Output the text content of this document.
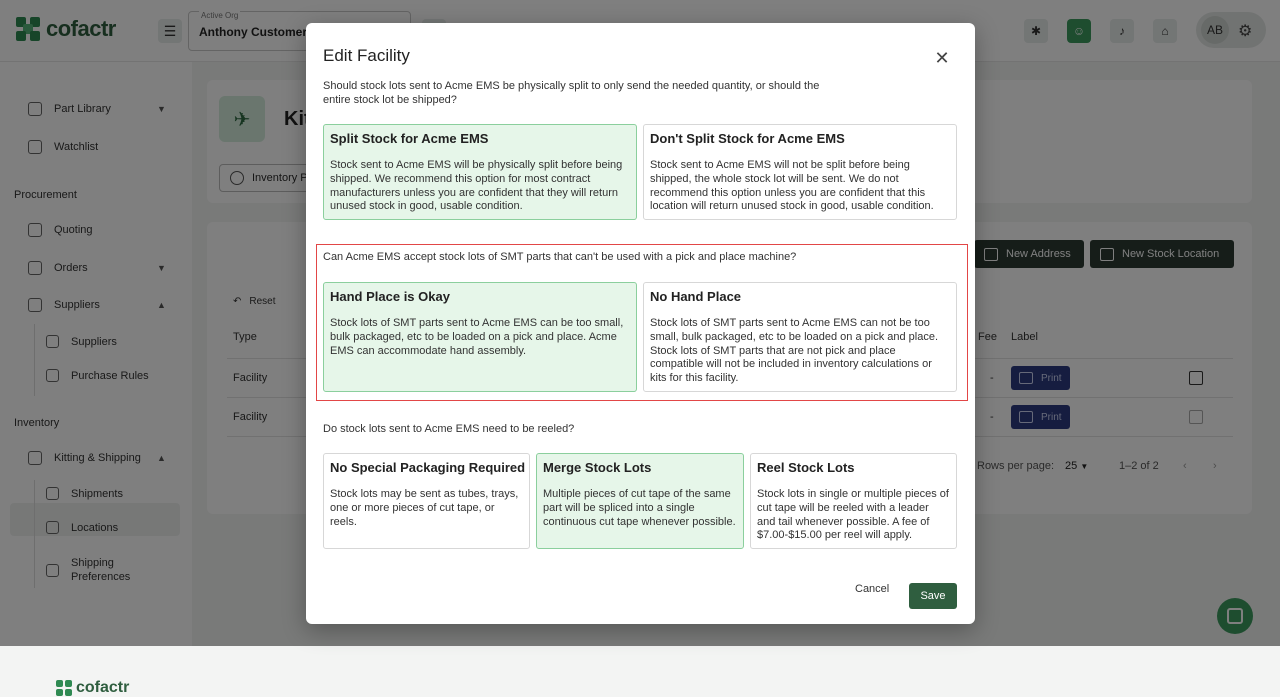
cofactr
Edit Facility	✕
Should stock lots sent to Acme EMS be physically split to only send the needed quantity, or should the entire stock lot be shipped?
Split Stock for Acme EMS
Stock sent to Acme EMS will be physically split before being shipped. We recommend this option for most contract manufacturers unless you are confident that they will return unused stock in good, usable condition.
Don't Split Stock for Acme EMS
Stock sent to Acme EMS will not be split before being shipped, the whole stock lot will be sent. We do not recommend this option unless you are confident that this location will return unused stock in good, usable condition.
Can Acme EMS accept stock lots of SMT parts that can't be used with a pick and place machine?
Hand Place is Okay
Stock lots of SMT parts sent to Acme EMS can be too small, bulk packaged, etc to be loaded on a pick and place. Acme EMS can accommodate hand assembly.
No Hand Place
Stock lots of SMT parts sent to Acme EMS can not be too small, bulk packaged, etc to be loaded on a pick and place. Stock lots of SMT parts that are not pick and place compatible will not be included in inventory calculations or kits for this facility.
Do stock lots sent to Acme EMS need to be reeled?
No Special Packaging Required
Stock lots may be sent as tubes, trays, one or more pieces of cut tape, or reels.
Merge Stock Lots
Multiple pieces of cut tape of the same part will be spliced into a single continuous cut tape whenever possible.
Reel Stock Lots
Stock lots in single or multiple pieces of cut tape will be reeled with a leader and tail whenever possible. A fee of $7.00-$15.00 per reel will apply.
Cancel
Save
